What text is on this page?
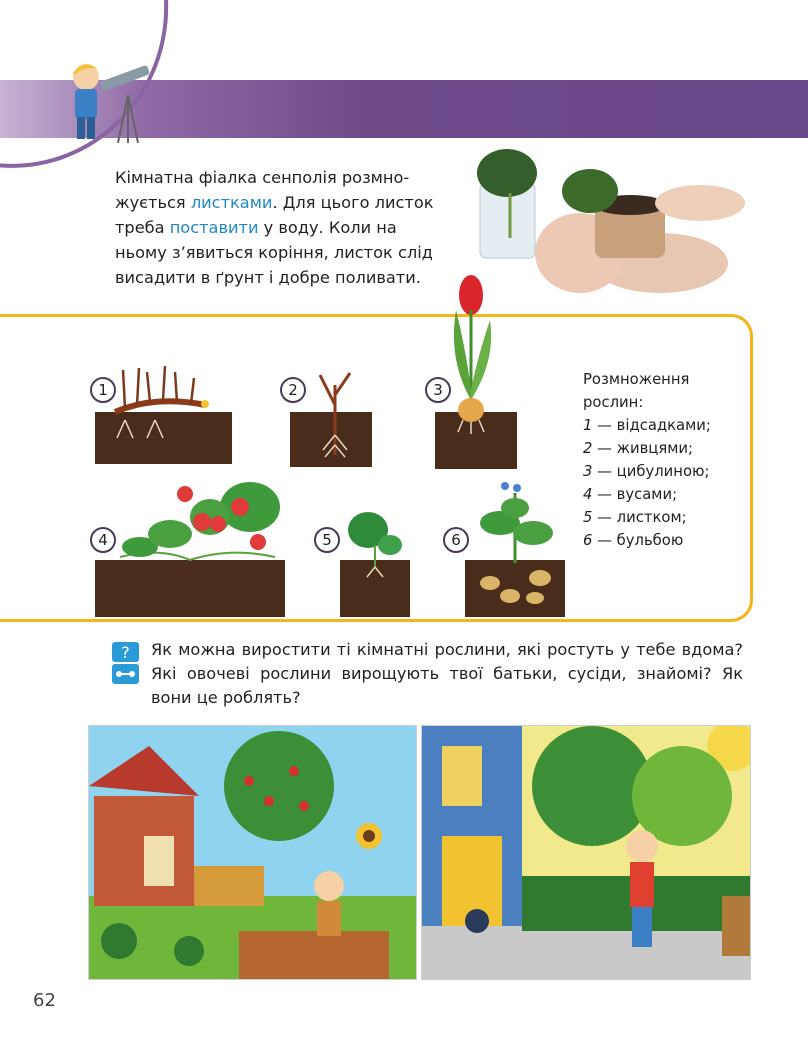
Кімнатна фіалка сенполія розмно-
жується листками. Для цього листок
треба поставити у воду. Коли на
ньому з’явиться коріння, листок слід
висадити в ґрунт і добре поливати.
1	2	3
4	5	6
Розмноження
рослин:
1 — відсадками;
2 — живцями;
3 — цибулиною;
4 — вусами;
5 — листком;
6 — бульбою
? Як можна виростити ті кімнатні рослини, які ростуть у тебе вдома? Які овочеві рослини вирощують твої батьки, сусіди, знайомі? Як вони це роблять?
62
